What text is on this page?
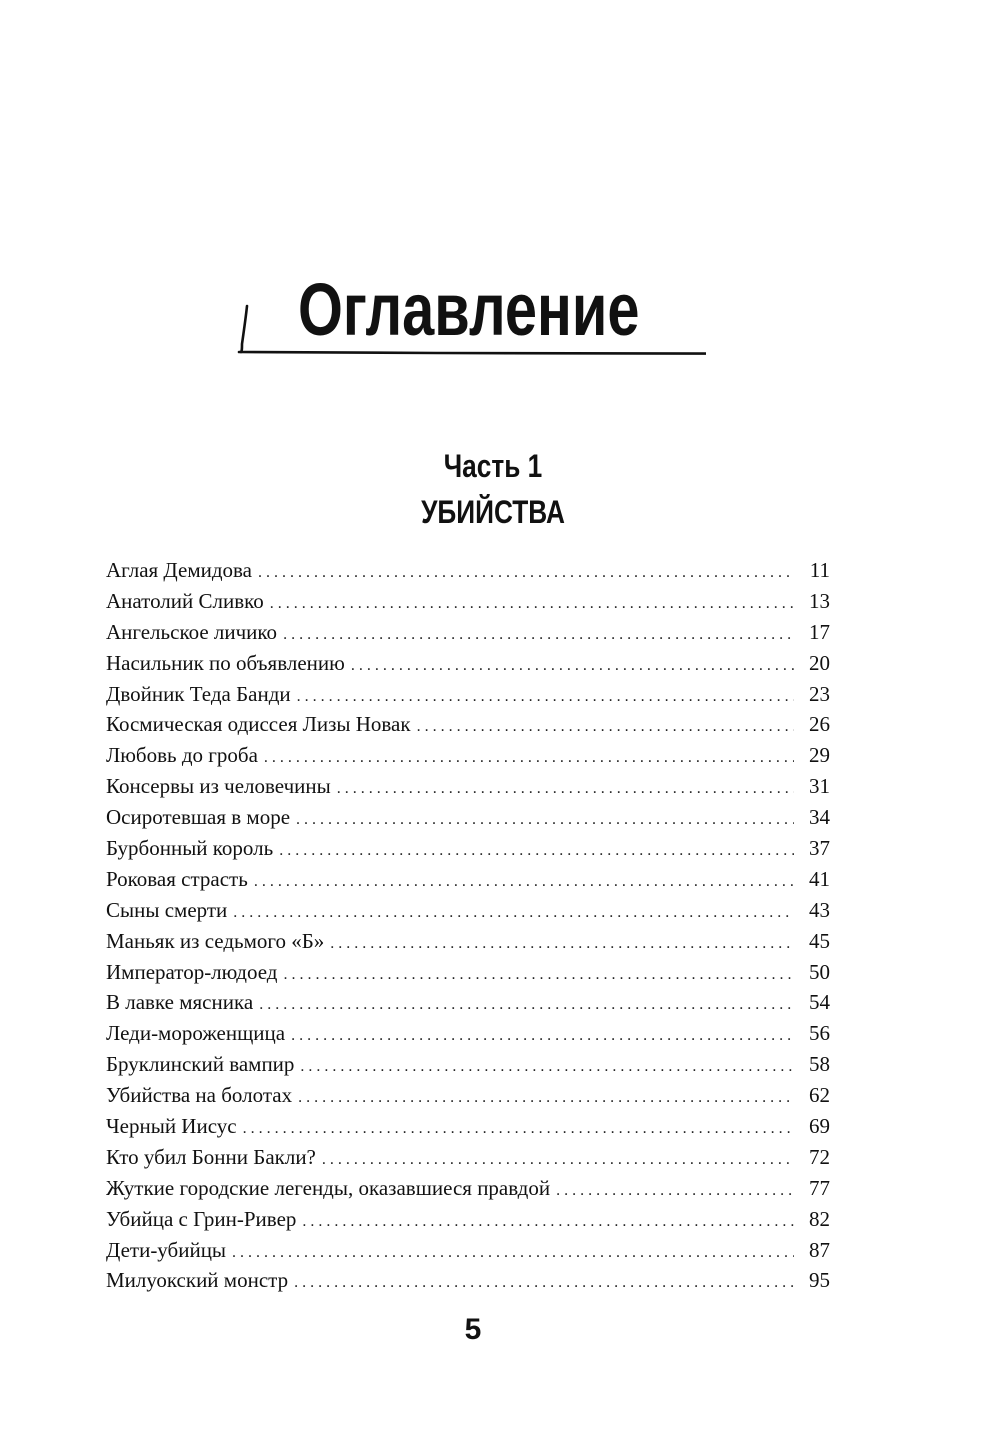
Оглавление
Часть 1
УБИЙСТВА
Аглая Демидова . . .	11
Анатолий Сливко . . .	13
Ангельское личико . . .	17
Насильник по объявлению . . .	20
Двойник Теда Банди . . .	23
Космическая одиссея Лизы Новак . . .	26
Любовь до гроба . . .	29
Консервы из человечины . . .	31
Осиротевшая в море . . .	34
Бурбонный король . . .	37
Роковая страсть . . .	41
Сыны смерти . . .	43
Маньяк из седьмого «Б» . . .	45
Император-людоед . . .	50
В лавке мясника . . .	54
Леди-мороженщица . . .	56
Бруклинский вампир . . .	58
Убийства на болотах . . .	62
Черный Иисус . . .	69
Кто убил Бонни Бакли? . . .	72
Жуткие городские легенды, оказавшиеся правдой . . .	77
Убийца с Грин-Ривер . . .	82
Дети-убийцы . . .	87
Милуокский монстр . . .	95
5
